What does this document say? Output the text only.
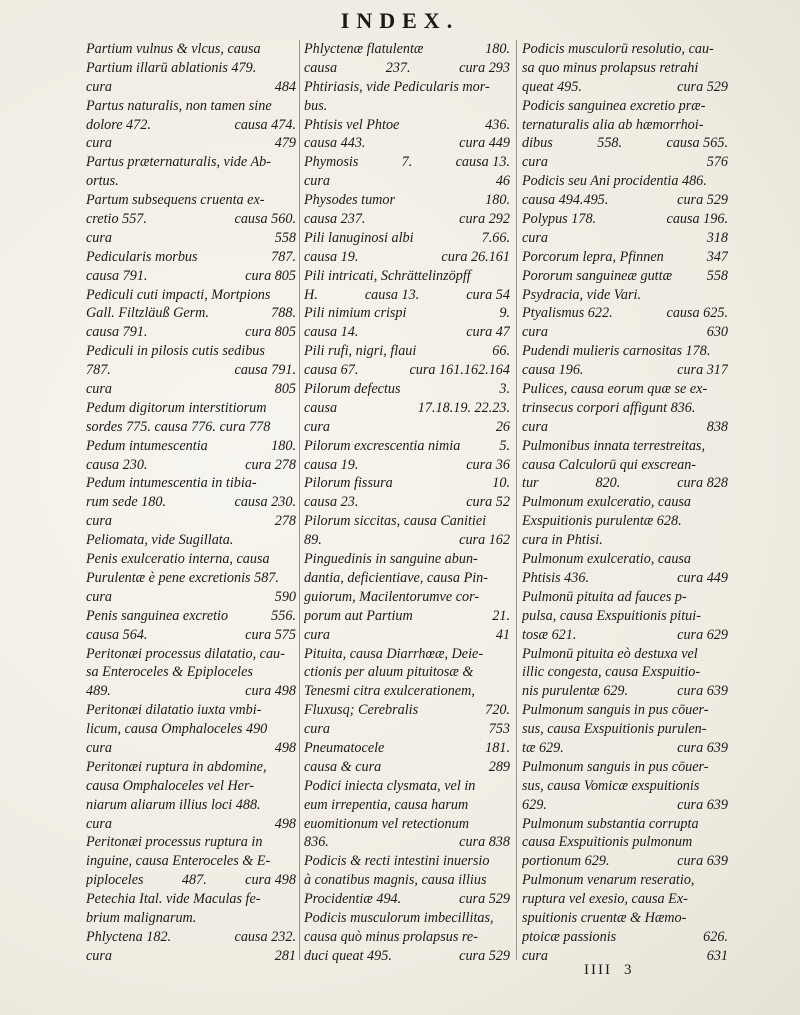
INDEX.
Partium vulnus & vlcus, causa
Partium illarū ablationis 479.
cura	484
Partus naturalis, non tamen sine
dolore 472.	causa 474.
cura	479
Partus præternaturalis, vide Ab-
ortus.
Partum subsequens cruenta ex-
cretio 557.	causa 560.
cura	558
Pedicularis morbus	787.
causa 791.	cura 805
Pediculi cuti impacti, Mortpions
Gall. Filtzläuß Germ.	788.
causa 791.	cura 805
Pediculi in pilosis cutis sedibus
787.	causa 791.
cura	805
Pedum digitorum interstitiorum
sordes 775. causa 776. cura 778
Pedum intumescentia	180.
causa 230.	cura 278
Pedum intumescentia in tibia-
rum sede 180.	causa 230.
cura	278
Peliomata, vide Sugillata.
Penis exulceratio interna, causa
Purulentæ è pene excretionis 587.
cura	590
Penis sanguinea excretio	556.
causa 564.	cura 575
Peritonæi processus dilatatio, cau-
sa Enteroceles & Epiploceles
489.	cura 498
Peritonæi dilatatio iuxta vmbi-
licum, causa Omphaloceles 490
cura	498
Peritonæi ruptura in abdomine,
causa Omphaloceles vel Her-
niarum aliarum illius loci 488.
cura	498
Peritonæi processus ruptura in
inguine, causa Enteroceles & E-
piploceles	487.	cura 498
Petechia Ital. vide Maculas fe-
brium malignarum.
Phlyctena 182.	causa 232.
cura	281
Phlyctenæ flatulentæ	180.
causa	237.	cura 293
Phtiriasis, vide Pedicularis mor-
bus.
Phtisis vel Phtoe	436.
causa 443.	cura 449
Phymosis	7.	causa 13.
cura	46
Physodes tumor	180.
causa 237.	cura 292
Pili lanuginosi albi	7.66.
causa 19.	cura 26.161
Pili intricati, Schrättelinzöpff
H.	causa 13.	cura 54
Pili nimium crispi	9.
causa 14.	cura 47
Pili rufi, nigri, flaui	66.
causa 67.	cura 161.162.164
Pilorum defectus	3.
causa	17.18.19. 22.23.
cura	26
Pilorum excrescentia nimia	5.
causa 19.	cura 36
Pilorum fissura	10.
causa 23.	cura 52
Pilorum siccitas, causa Canitiei
89.	cura 162
Pinguedinis in sanguine abun-
dantia, deficientiave, causa Pin-
guiorum, Macilentorumve cor-
porum aut Partium	21.
cura	41
Pituita, causa Diarrhœæ, Deie-
ctionis per aluum pituitosæ &
Tenesmi citra exulcerationem,
Fluxusq; Cerebralis	720.
cura	753
Pneumatocele	181.
causa & cura	289
Podici iniecta clysmata, vel in
eum irrepentia, causa harum
euomitionum vel retectionum
836.	cura 838
Podicis & recti intestini inuersio
à conatibus magnis, causa illius
Procidentiæ 494.	cura 529
Podicis musculorum imbecillitas,
causa quò minus prolapsus re-
duci queat 495.	cura 529
Podicis musculorū resolutio, cau-
sa quo minus prolapsus retrahi
queat 495.	cura 529
Podicis sanguinea excretio præ-
ternaturalis alia ab hæmorrhoi-
dibus	558.	causa 565.
cura	576
Podicis seu Ani procidentia 486.
causa 494.495.	cura 529
Polypus 178.	causa 196.
cura	318
Porcorum lepra, Pfinnen	347
Pororum sanguineæ guttæ 558
Psydracia, vide Vari.
Ptyalismus 622.	causa 625.
cura	630
Pudendi mulieris carnositas 178.
causa 196.	cura 317
Pulices, causa eorum quæ se ex-
trinsecus corpori affigunt 836.
cura	838
Pulmonibus innata terrestreitas,
causa Calculorū qui exscrean-
tur	820.	cura 828
Pulmonum exulceratio, causa
Exspuitionis purulentæ 628.
cura in Phtisi.
Pulmonum exulceratio, causa
Phtisis 436.	cura 449
Pulmonū pituita ad fauces p-
pulsa, causa Exspuitionis pitui-
tosæ 621.	cura 629
Pulmonū pituita eò destuxa vel
illic congesta, causa Exspuitio-
nis purulentæ 629.	cura 639
Pulmonum sanguis in pus cōuer-
sus, causa Exspuitionis purulen-
tæ 629.	cura 639
Pulmonum sanguis in pus cōuer-
sus, causa Vomicæ exspuitionis
629.	cura 639
Pulmonum substantia corrupta
causa Exspuitionis pulmonum
portionum 629.	cura 639
Pulmonum venarum reseratio,
ruptura vel exesio, causa Ex-
spuitionis cruentæ & Hæmo-
ptoicæ passionis	626.
cura	631
IIII 3
